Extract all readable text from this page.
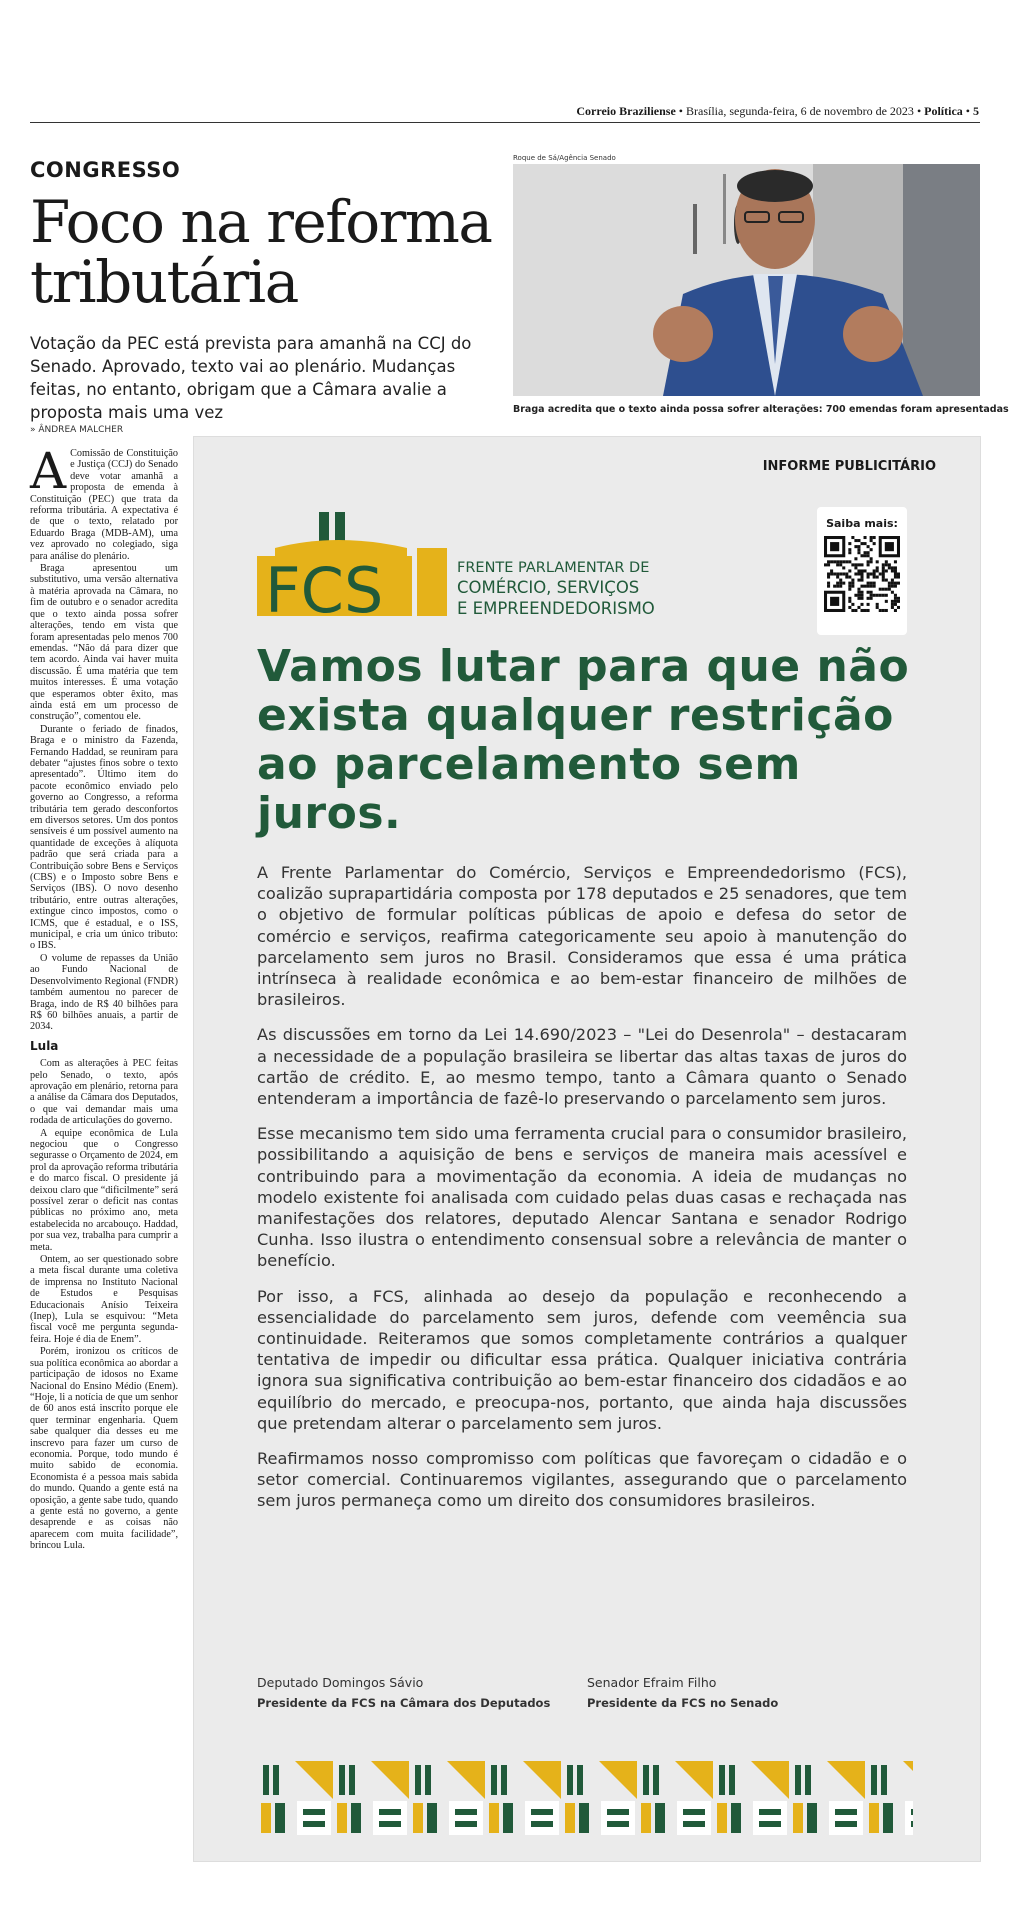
Correio Braziliense • Brasília, segunda-feira, 6 de novembro de 2023 • Política • 5
CONGRESSO
Foco na reforma tributária
Votação da PEC está prevista para amanhã na CCJ do Senado. Aprovado, texto vai ao plenário. Mudanças feitas, no entanto, obrigam que a Câmara avalie a proposta mais uma vez
» ÂNDREA MALCHER
Roque de Sá/Agência Senado
Braga acredita que o texto ainda possa sofrer alterações: 700 emendas foram apresentadas

A Comissão de Constituição e Justiça (CCJ) do Senado deve votar amanhã a proposta de emenda à Constituição (PEC) que trata da reforma tributária. A expectativa é de que o texto, relatado por Eduardo Braga (MDB-AM), uma vez aprovado no colegiado, siga para análise do plenário.

Braga apresentou um substitutivo, uma versão alternativa à matéria aprovada na Câmara, no fim de outubro e o senador acredita que o texto ainda possa sofrer alterações, tendo em vista que foram apresentadas pelo menos 700 emendas. “Não dá para dizer que tem acordo. Ainda vai haver muita discussão. É uma matéria que tem muitos interesses. É uma votação que esperamos obter êxito, mas ainda está em um processo de construção”, comentou ele.

Durante o feriado de finados, Braga e o ministro da Fazenda, Fernando Haddad, se reuniram para debater “ajustes finos sobre o texto apresentado”. Último item do pacote econômico enviado pelo governo ao Congresso, a reforma tributária tem gerado desconfortos em diversos setores. Um dos pontos sensíveis é um possível aumento na quantidade de exceções à alíquota padrão que será criada para a Contribuição sobre Bens e Serviços (CBS) e o Imposto sobre Bens e Serviços (IBS). O novo desenho tributário, entre outras alterações, extingue cinco impostos, como o ICMS, que é estadual, e o ISS, municipal, e cria um único tributo: o IBS.

O volume de repasses da União ao Fundo Nacional de Desenvolvimento Regional (FNDR) também aumentou no parecer de Braga, indo de R$ 40 bilhões para R$ 60 bilhões anuais, a partir de 2034.

Lula

Com as alterações à PEC feitas pelo Senado, o texto, após aprovação em plenário, retorna para a análise da Câmara dos Deputados, o que vai demandar mais uma rodada de articulações do governo.

A equipe econômica de Lula negociou que o Congresso segurasse o Orçamento de 2024, em prol da aprovação reforma tributária e do marco fiscal. O presidente já deixou claro que “dificilmente” será possível zerar o deficit nas contas públicas no próximo ano, meta estabelecida no arcabouço. Haddad, por sua vez, trabalha para cumprir a meta.

Ontem, ao ser questionado sobre a meta fiscal durante uma coletiva de imprensa no Instituto Nacional de Estudos e Pesquisas Educacionais Anísio Teixeira (Inep), Lula se esquivou: “Meta fiscal você me pergunta segunda-feira. Hoje é dia de Enem”.

Porém, ironizou os críticos de sua política econômica ao abordar a participação de idosos no Exame Nacional do Ensino Médio (Enem). “Hoje, li a notícia de que um senhor de 60 anos está inscrito porque ele quer terminar engenharia. Quem sabe qualquer dia desses eu me inscrevo para fazer um curso de economia. Porque, todo mundo é muito sabido de economia. Economista é a pessoa mais sabida do mundo. Quando a gente está na oposição, a gente sabe tudo, quando a gente está no governo, a gente desaprende e as coisas não aparecem com muita facilidade”, brincou Lula.

INFORME PUBLICITÁRIO
FCS	FRENTE PARLAMENTAR DE
COMÉRCIO, SERVIÇOS
E EMPREENDEDORISMO
Saiba mais:
Vamos lutar para que não exista qualquer restrição ao parcelamento sem juros.

A Frente Parlamentar do Comércio, Serviços e Empreendedorismo (FCS), coalizão suprapartidária composta por 178 deputados e 25 senadores, que tem o objetivo de formular políticas públicas de apoio e defesa do setor de comércio e serviços, reafirma categoricamente seu apoio à manutenção do parcelamento sem juros no Brasil. Consideramos que essa é uma prática intrínseca à realidade econômica e ao bem-estar financeiro de milhões de brasileiros.

As discussões em torno da Lei 14.690/2023 – "Lei do Desenrola" – destacaram a necessidade de a população brasileira se libertar das altas taxas de juros do cartão de crédito. E, ao mesmo tempo, tanto a Câmara quanto o Senado entenderam a importância de fazê-lo preservando o parcelamento sem juros.

Esse mecanismo tem sido uma ferramenta crucial para o consumidor brasileiro, possibilitando a aquisição de bens e serviços de maneira mais acessível e contribuindo para a movimentação da economia. A ideia de mudanças no modelo existente foi analisada com cuidado pelas duas casas e rechaçada nas manifestações dos relatores, deputado Alencar Santana e senador Rodrigo Cunha. Isso ilustra o entendimento consensual sobre a relevância de manter o benefício.

Por isso, a FCS, alinhada ao desejo da população e reconhecendo a essencialidade do parcelamento sem juros, defende com veemência sua continuidade. Reiteramos que somos completamente contrários a qualquer tentativa de impedir ou dificultar essa prática. Qualquer iniciativa contrária ignora sua significativa contribuição ao bem-estar financeiro dos cidadãos e ao equilíbrio do mercado, e preocupa-nos, portanto, que ainda haja discussões que pretendam alterar o parcelamento sem juros.

Reafirmamos nosso compromisso com políticas que favoreçam o cidadão e o setor comercial. Continuaremos vigilantes, assegurando que o parcelamento sem juros permaneça como um direito dos consumidores brasileiros.

Deputado Domingos Sávio
Presidente da FCS na Câmara dos Deputados
Senador Efraim Filho
Presidente da FCS no Senado
